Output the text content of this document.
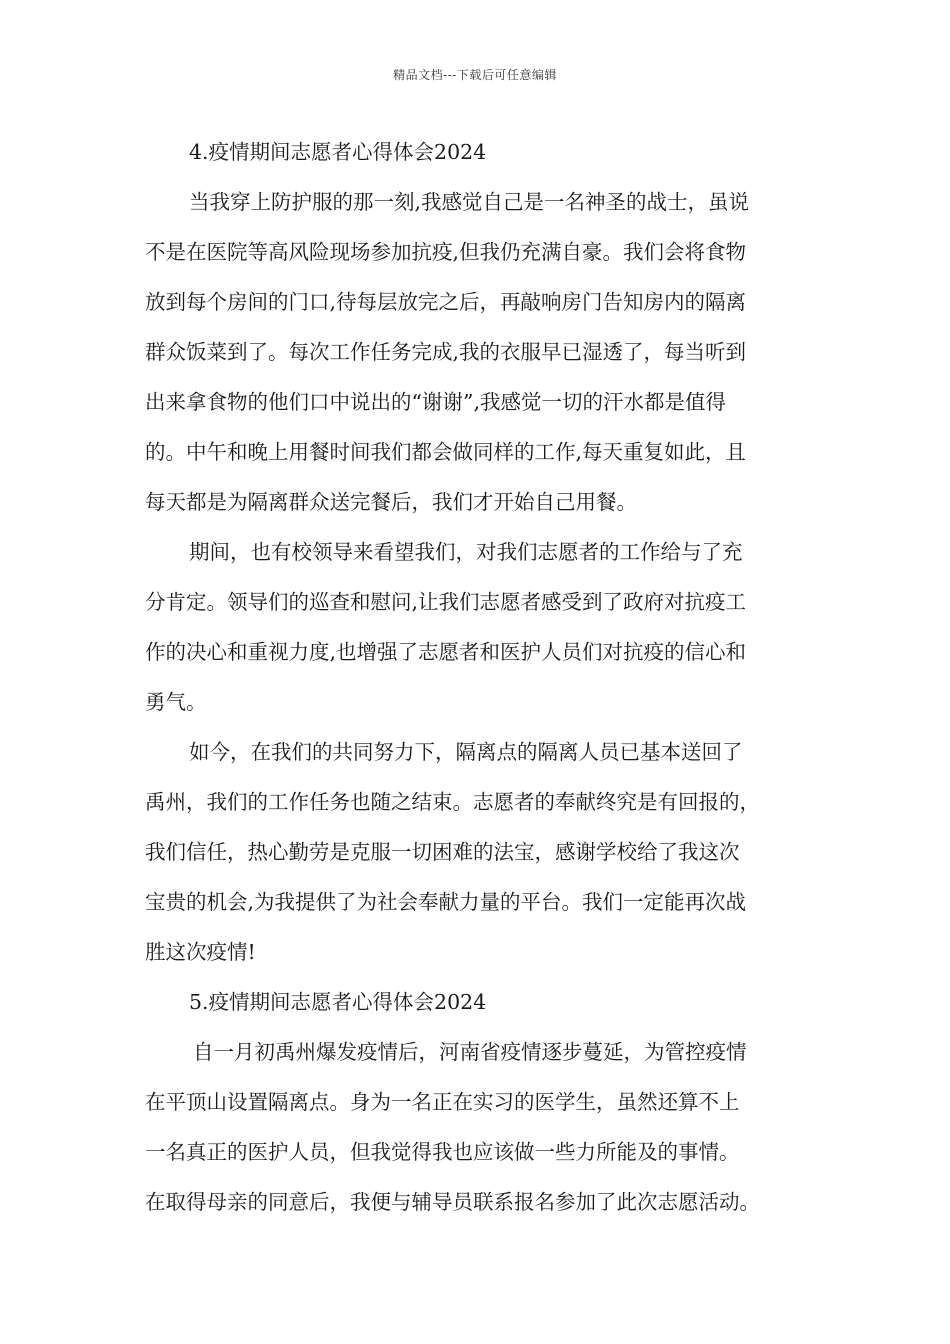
精品文档---下载后可任意编辑
4.疫情期间志愿者心得体会2024
当我穿上防护服的那一刻,我感觉自己是一名神圣的战士，虽说
不是在医院等高风险现场参加抗疫,但我仍充满自豪。我们会将食物
放到每个房间的门口,待每层放完之后，再敲响房门告知房内的隔离
群众饭菜到了。每次工作任务完成,我的衣服早已湿透了，每当听到
出来拿食物的他们口中说出的“谢谢”,我感觉一切的汗水都是值得
的。中午和晚上用餐时间我们都会做同样的工作,每天重复如此，且
每天都是为隔离群众送完餐后，我们才开始自己用餐。
期间，也有校领导来看望我们，对我们志愿者的工作给与了充
分肯定。领导们的巡查和慰问,让我们志愿者感受到了政府对抗疫工
作的决心和重视力度,也增强了志愿者和医护人员们对抗疫的信心和
勇气。
如今，在我们的共同努力下，隔离点的隔离人员已基本送回了
禹州，我们的工作任务也随之结束。志愿者的奉献终究是有回报的，
我们信任，热心勤劳是克服一切困难的法宝，感谢学校给了我这次
宝贵的机会,为我提供了为社会奉献力量的平台。我们一定能再次战
胜这次疫情!
5.疫情期间志愿者心得体会2024
自一月初禹州爆发疫情后，河南省疫情逐步蔓延，为管控疫情
在平顶山设置隔离点。身为一名正在实习的医学生，虽然还算不上
一名真正的医护人员，但我觉得我也应该做一些力所能及的事情。
在取得母亲的同意后，我便与辅导员联系报名参加了此次志愿活动。
